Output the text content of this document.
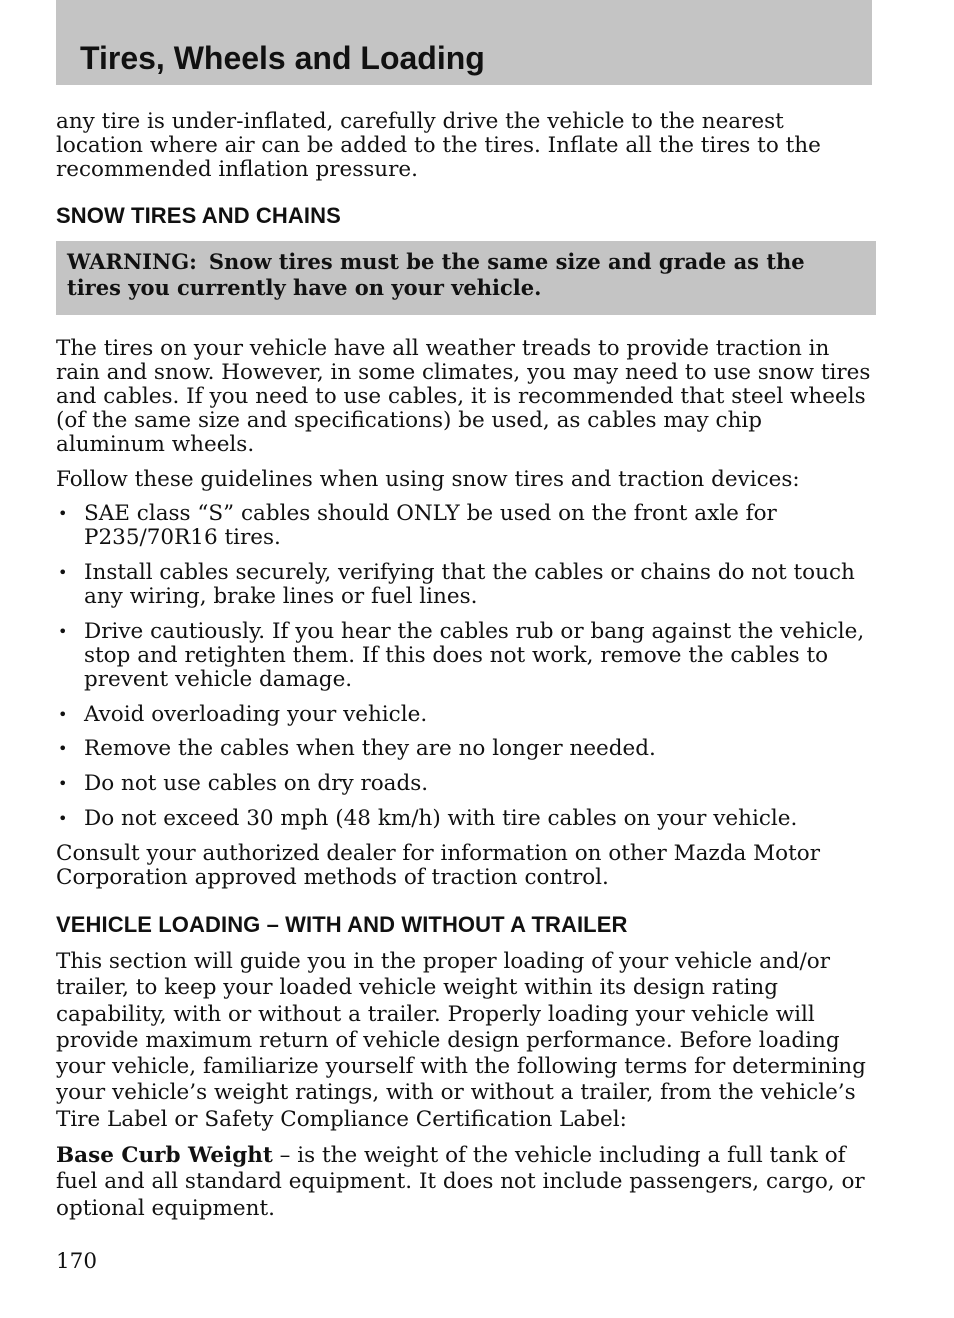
Tires, Wheels and Loading

any tire is under-inflated, carefully drive the vehicle to the nearest location where air can be added to the tires. Inflate all the tires to the recommended inflation pressure.

SNOW TIRES AND CHAINS
WARNING: Snow tires must be the same size and grade as the tires you currently have on your vehicle.

The tires on your vehicle have all weather treads to provide traction in rain and snow. However, in some climates, you may need to use snow tires and cables. If you need to use cables, it is recommended that steel wheels (of the same size and specifications) be used, as cables may chip aluminum wheels.

Follow these guidelines when using snow tires and traction devices:

• SAE class “S” cables should ONLY be used on the front axle for P235/70R16 tires.
• Install cables securely, verifying that the cables or chains do not touch any wiring, brake lines or fuel lines.
• Drive cautiously. If you hear the cables rub or bang against the vehicle, stop and retighten them. If this does not work, remove the cables to prevent vehicle damage.
• Avoid overloading your vehicle.
• Remove the cables when they are no longer needed.
• Do not use cables on dry roads.
• Do not exceed 30 mph (48 km/h) with tire cables on your vehicle.

Consult your authorized dealer for information on other Mazda Motor Corporation approved methods of traction control.

VEHICLE LOADING – WITH AND WITHOUT A TRAILER

This section will guide you in the proper loading of your vehicle and/or trailer, to keep your loaded vehicle weight within its design rating capability, with or without a trailer. Properly loading your vehicle will provide maximum return of vehicle design performance. Before loading your vehicle, familiarize yourself with the following terms for determining your vehicle’s weight ratings, with or without a trailer, from the vehicle’s Tire Label or Safety Compliance Certification Label:

Base Curb Weight – is the weight of the vehicle including a full tank of fuel and all standard equipment. It does not include passengers, cargo, or optional equipment.

170
